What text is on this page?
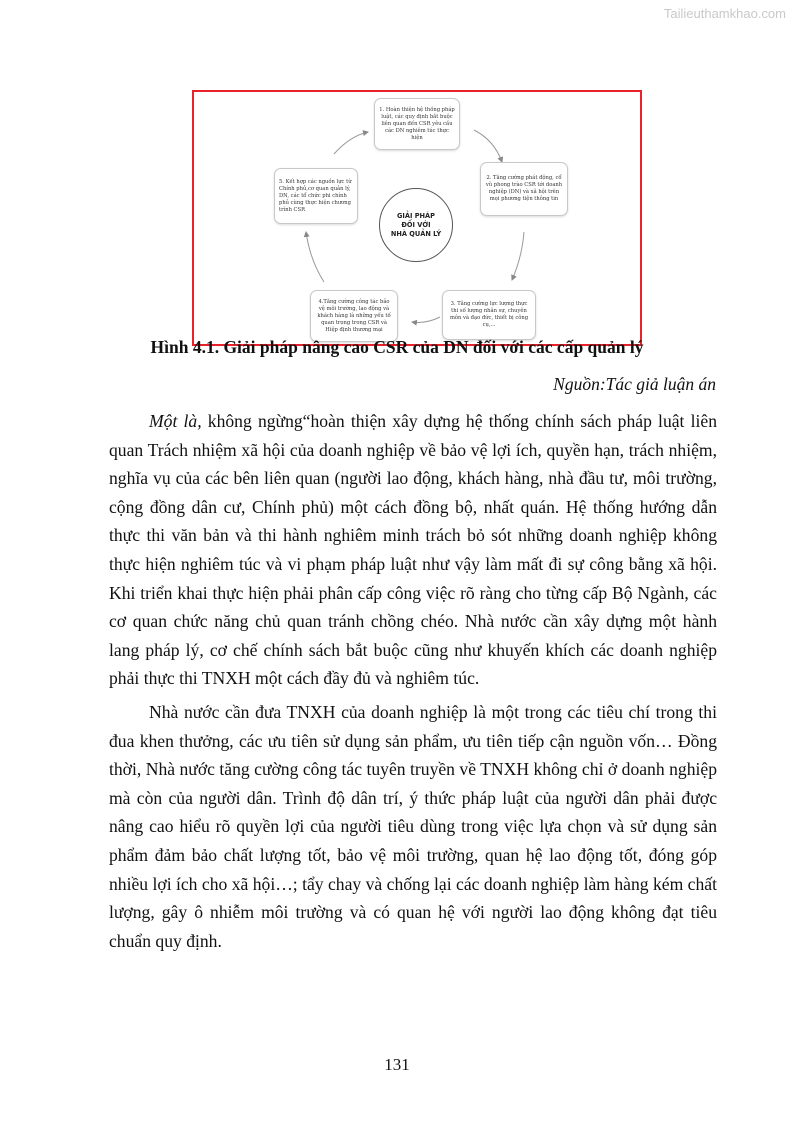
Tailieuthamkhao.com
1. Hoàn thiện hệ thống pháp luật, các quy định bắt buộc liên quan đến CSR yêu cầu các DN nghiêm túc thực hiện
2. Tăng cường phát động, cổ vũ phong trào CSR tới doanh nghiệp (DN) và xã hội trên mọi phương tiện thông tin
3. Tăng cường lực lượng thực thi số lượng nhân sự, chuyên môn và đạo đức, thiết bị công cụ,...
4.Tăng cường công tác bảo vệ môi trường, lao động và khách hàng là những yếu tố quan trọng trong CSR và Hiệp định thương mại
5. Kết hợp các nguồn lực từ Chính phủ,cơ quan quản lý, DN, các tổ chức phi chính phủ cùng thực hiện chương trình CSR
GIẢI PHÁP
ĐỐI VỚI
NHÀ QUẢN LÝ
Hình 4.1. Giải pháp nâng cao CSR của DN đối với các cấp quản lý
Nguồn:Tác giả luận án

Một là, không ngừng“hoàn thiện xây dựng hệ thống chính sách pháp luật liên quan Trách nhiệm xã hội của doanh nghiệp về bảo vệ lợi ích, quyền hạn, trách nhiệm, nghĩa vụ của các bên liên quan (người lao động, khách hàng, nhà đầu tư, môi trường, cộng đồng dân cư, Chính phủ) một cách đồng bộ, nhất quán. Hệ thống hướng dẫn thực thi văn bản và thi hành nghiêm minh trách bỏ sót những doanh nghiệp không thực hiện nghiêm túc và vi phạm pháp luật như vậy làm mất đi sự công bằng xã hội. Khi triển khai thực hiện phải phân cấp công việc rõ ràng cho từng cấp Bộ Ngành, các cơ quan chức năng chủ quan tránh chồng chéo. Nhà nước cần xây dựng một hành lang pháp lý, cơ chế chính sách bắt buộc cũng như khuyến khích các doanh nghiệp phải thực thi TNXH một cách đầy đủ và nghiêm túc.

Nhà nước cần đưa TNXH của doanh nghiệp là một trong các tiêu chí trong thi đua khen thưởng, các ưu tiên sử dụng sản phẩm, ưu tiên tiếp cận nguồn vốn… Đồng thời, Nhà nước tăng cường công tác tuyên truyền về TNXH không chỉ ở doanh nghiệp mà còn của người dân. Trình độ dân trí, ý thức pháp luật của người dân phải được nâng cao hiểu rõ quyền lợi của người tiêu dùng trong việc lựa chọn và sử dụng sản phẩm đảm bảo chất lượng tốt, bảo vệ môi trường, quan hệ lao động tốt, đóng góp nhiều lợi ích cho xã hội…; tẩy chay và chống lại các doanh nghiệp làm hàng kém chất lượng, gây ô nhiễm môi trường và có quan hệ với người lao động không đạt tiêu chuẩn quy định.

131
